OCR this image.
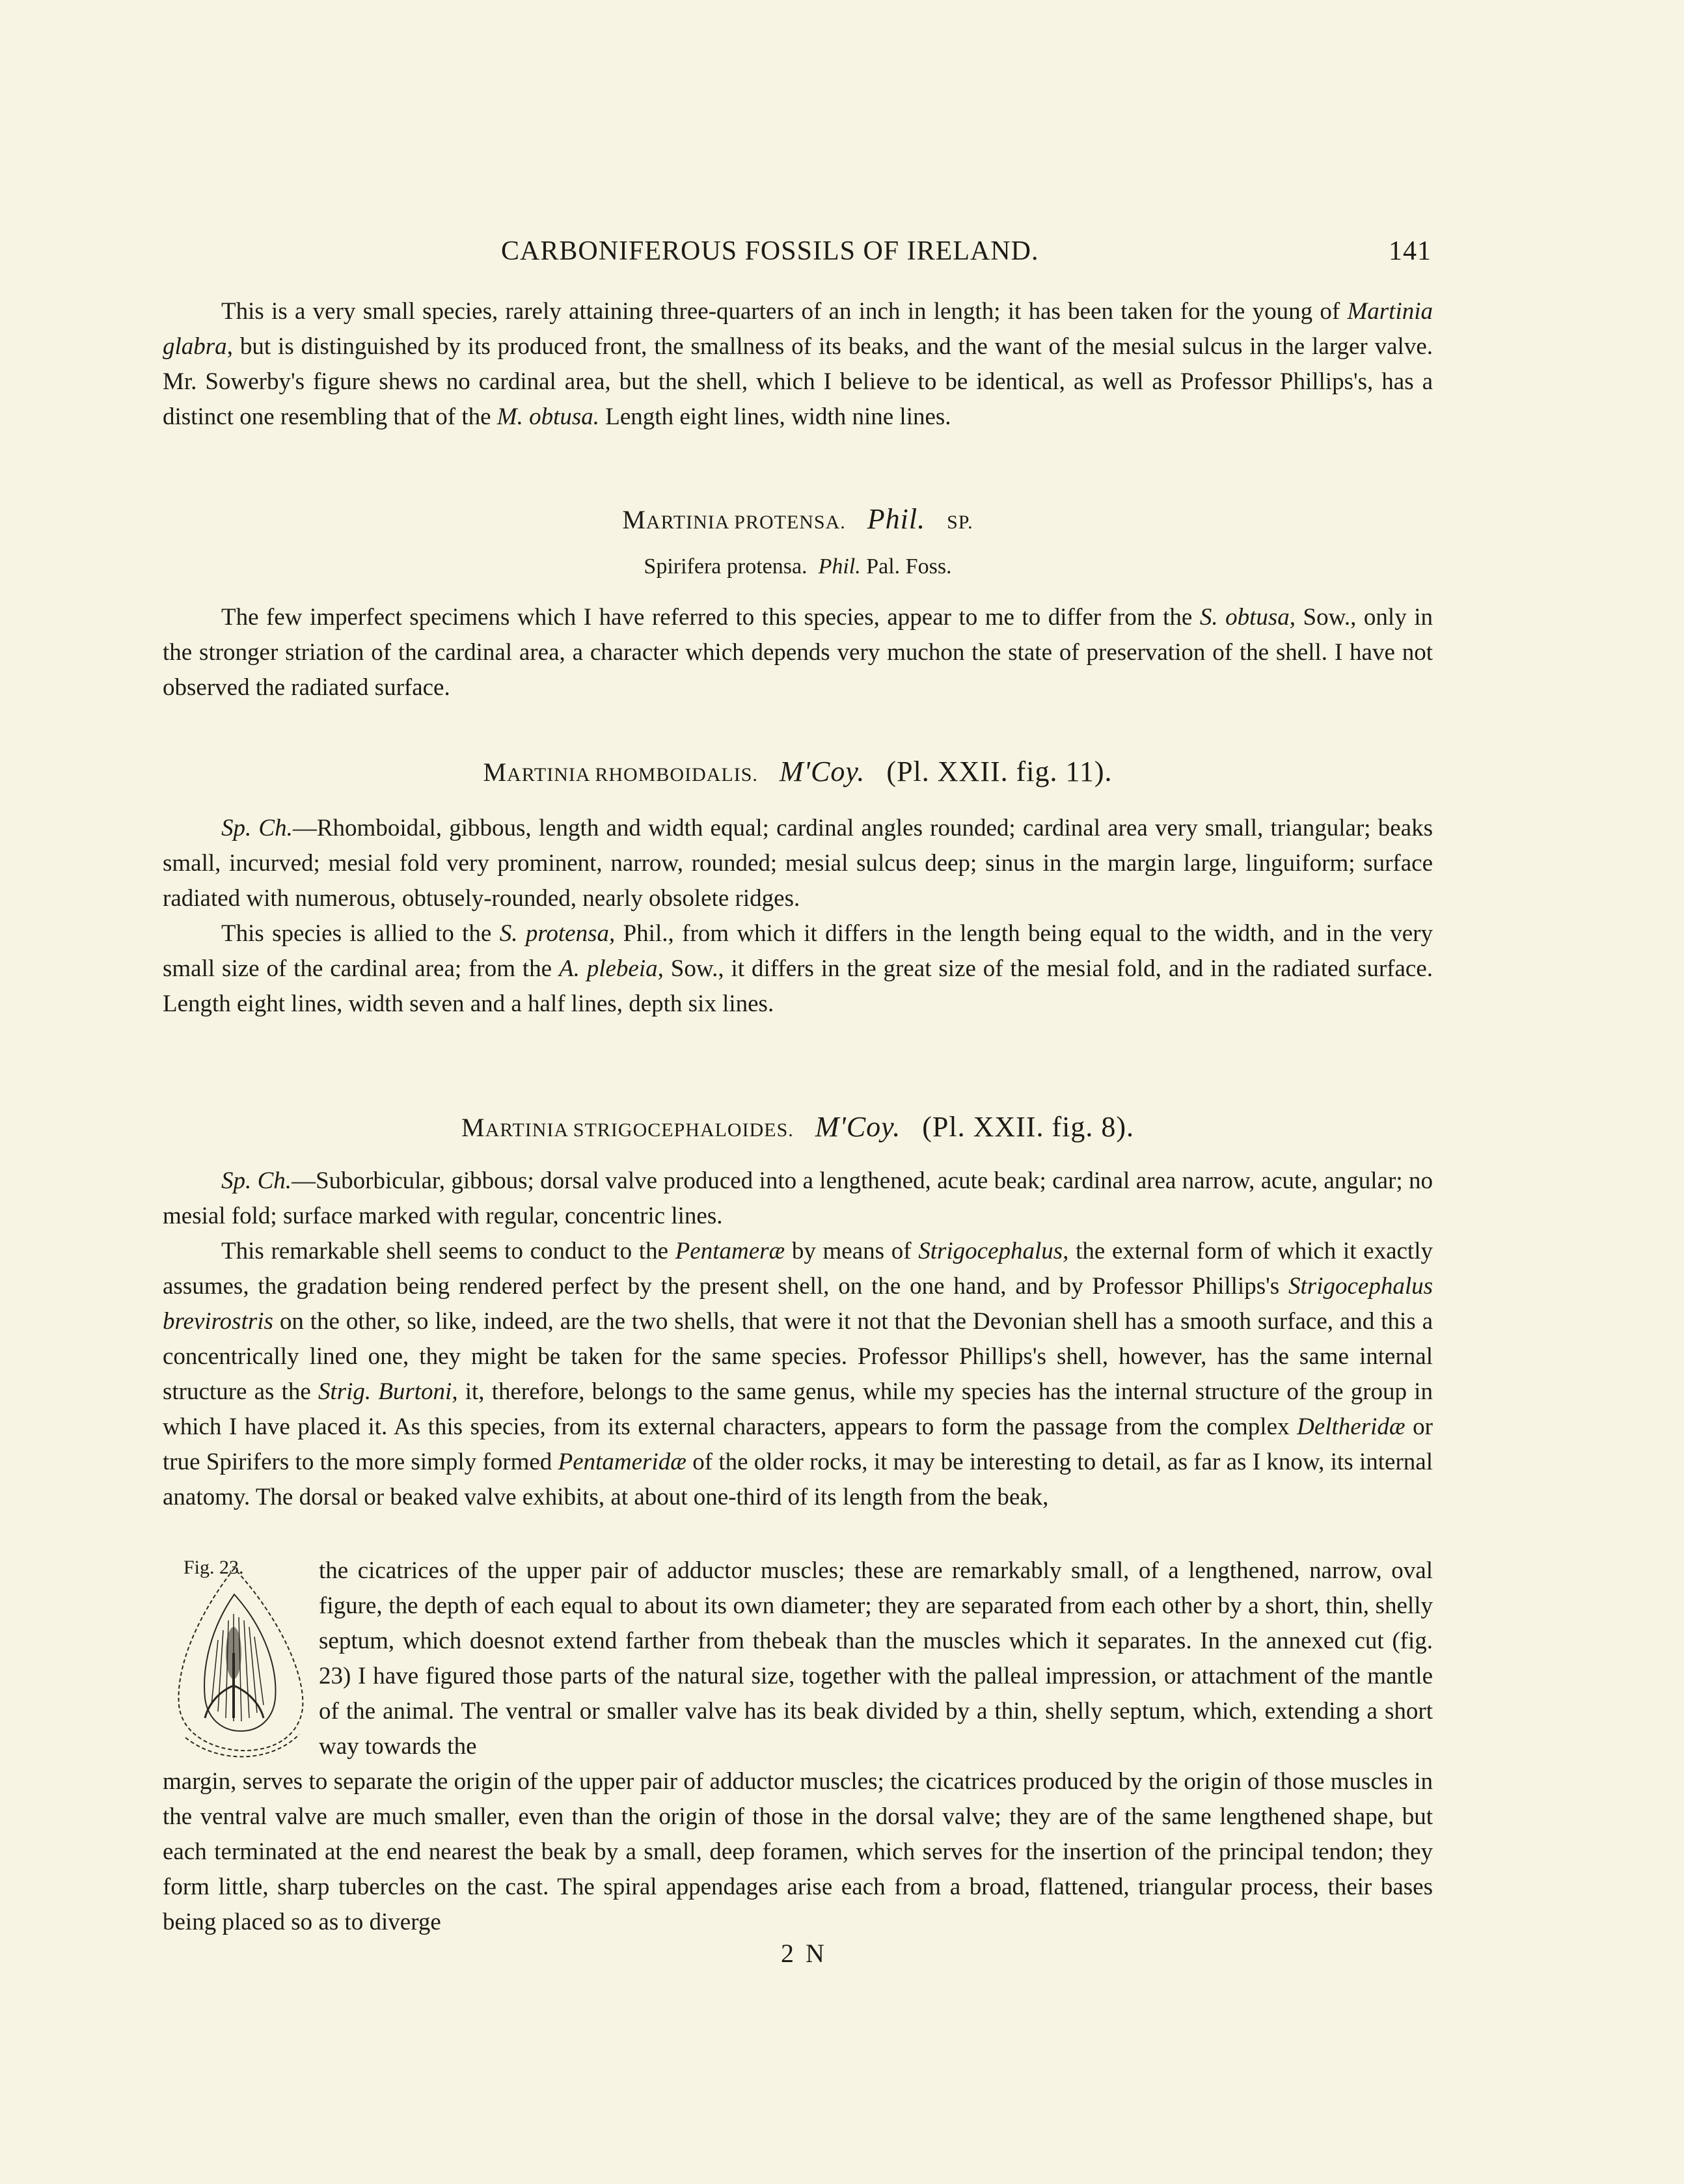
CARBONIFEROUS FOSSILS OF IRELAND.	141

This is a very small species, rarely attaining three-quarters of an inch in length; it has been taken for the young of Martinia glabra, but is distinguished by its produced front, the smallness of its beaks, and the want of the mesial sulcus in the larger valve. Mr. Sowerby's figure shews no cardinal area, but the shell, which I believe to be identical, as well as Professor Phillips's, has a distinct one resembling that of the M. obtusa. Length eight lines, width nine lines.

MARTINIA PROTENSA. Phil. SP.
Spirifera protensa. Phil. Pal. Foss.

The few imperfect specimens which I have referred to this species, appear to me to differ from the S. obtusa, Sow., only in the stronger striation of the cardinal area, a character which depends very muchon the state of preservation of the shell. I have not observed the radiated surface.

MARTINIA RHOMBOIDALIS. M'Coy. (Pl. XXII. fig. 11).

Sp. Ch.—Rhomboidal, gibbous, length and width equal; cardinal angles rounded; cardinal area very small, triangular; beaks small, incurved; mesial fold very prominent, narrow, rounded; mesial sulcus deep; sinus in the margin large, linguiform; surface radiated with numerous, obtusely-rounded, nearly obsolete ridges.

This species is allied to the S. protensa, Phil., from which it differs in the length being equal to the width, and in the very small size of the cardinal area; from the A. plebeia, Sow., it differs in the great size of the mesial fold, and in the radiated surface. Length eight lines, width seven and a half lines, depth six lines.

MARTINIA STRIGOCEPHALOIDES. M'Coy. (Pl. XXII. fig. 8).

Sp. Ch.—Suborbicular, gibbous; dorsal valve produced into a lengthened, acute beak; cardinal area narrow, acute, angular; no mesial fold; surface marked with regular, concentric lines.

This remarkable shell seems to conduct to the Pentameræ by means of Strigocephalus, the external form of which it exactly assumes, the gradation being rendered perfect by the present shell, on the one hand, and by Professor Phillips's Strigocephalus brevirostris on the other, so like, indeed, are the two shells, that were it not that the Devonian shell has a smooth surface, and this a concentrically lined one, they might be taken for the same species. Professor Phillips's shell, however, has the same internal structure as the Strig. Burtoni, it, therefore, belongs to the same genus, while my species has the internal structure of the group in which I have placed it. As this species, from its external characters, appears to form the passage from the complex Deltheridæ or true Spirifers to the more simply formed Pentameridæ of the older rocks, it may be interesting to detail, as far as I know, its internal anatomy. The dorsal or beaked valve exhibits, at about one-third of its length from the beak,

Fig. 23.	the cicatrices of the upper pair of adductor muscles; these are remarkably small, of a lengthened, narrow, oval figure, the depth of each equal to about its own diameter; they are separated from each other by a short, thin, shelly septum, which doesnot extend farther from thebeak than the muscles which it separates. In the annexed cut (fig. 23) I have figured those parts of the natural size, together with the palleal impression, or attachment of the mantle of the animal. The ventral or smaller valve has its beak divided by a thin, shelly septum, which, extending a short way towards the
margin, serves to separate the origin of the upper pair of adductor muscles; the cicatrices produced by the origin of those muscles in the ventral valve are much smaller, even than the origin of those in the dorsal valve; they are of the same lengthened shape, but each terminated at the end nearest the beak by a small, deep foramen, which serves for the insertion of the principal tendon; they form little, sharp tubercles on the cast. The spiral appendages arise each from a broad, flattened, triangular process, their bases being placed so as to diverge
2 N
